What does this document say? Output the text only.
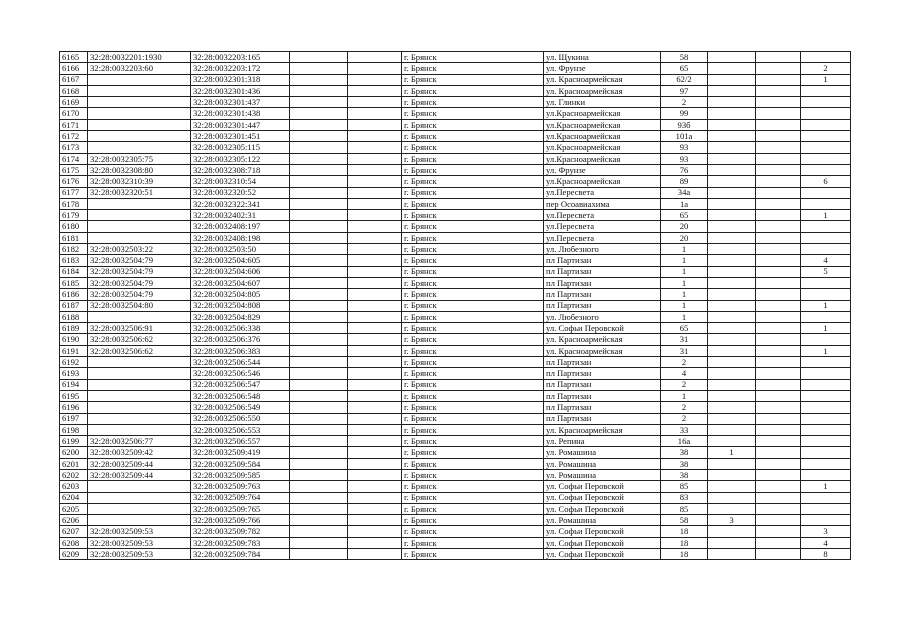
6165	32:28:0032201:1930	32:28:0032203:165			г. Брянск	ул. Щукина	58			
6166	32:28:0032203:60	32:28:0032203:172			г. Брянск	ул. Фрунзе	65			2
6167		32:28:0032301:318			г. Брянск	ул. Красноармейская	62/2			1
6168		32:28:0032301:436			г. Брянск	ул. Красноармейская	97			
6169		32:28:0032301:437			г. Брянск	ул. Глинки	2			
6170		32:28:0032301:438			г. Брянск	ул.Красноармейская	99			
6171		32:28:0032301:447			г. Брянск	ул.Красноармейская	93б			
6172		32:28:0032301:451			г. Брянск	ул.Красноармейская	101а			
6173		32:28:0032305:115			г. Брянск	ул.Красноармейская	93			
6174	32:28:0032305:75	32:28:0032305:122			г. Брянск	ул.Красноармейская	93			
6175	32:28:0032308:80	32:28:0032308:718			г. Брянск	ул. Фрунзе	76			
6176	32:28:0032310:39	32:28:0032310:54			г. Брянск	ул.Красноармейская	89			6
6177	32:28:0032320:51	32:28:0032320:52			г. Брянск	ул.Пересвета	34а			
6178		32:28:0032322:341			г. Брянск	пер Осоавиахима	1а			
6179		32:28:0032402:31			г. Брянск	ул.Пересвета	65			1
6180		32:28:0032408:197			г. Брянск	ул.Пересвета	20			
6181		32:28:0032408:198			г. Брянск	ул.Пересвета	20			
6182	32:28:0032503:22	32:28:0032503:50			г. Брянск	ул. Любезного	1			
6183	32:28:0032504:79	32:28:0032504:605			г. Брянск	пл Партизан	1			4
6184	32:28:0032504:79	32:28:0032504:606			г. Брянск	пл Партизан	1			5
6185	32:28:0032504:79	32:28:0032504:607			г. Брянск	пл Партизан	1			
6186	32:28:0032504:79	32:28:0032504:805			г. Брянск	пл Партизан	1			
6187	32:28:0032504:80	32:28:0032504:808			г. Брянск	пл Партизан	1			1
6188		32:28:0032504:829			г. Брянск	ул. Любезного	1			
6189	32:28:0032506:91	32:28:0032506:338			г. Брянск	ул. Софьи Перовской	65			1
6190	32:28:0032506:62	32:28:0032506:376			г. Брянск	ул. Красноармейская	31			
6191	32:28:0032506:62	32:28:0032506:383			г. Брянск	ул. Красноармейская	31			1
6192		32:28:0032506:544			г. Брянск	пл Партизан	2			
6193		32:28:0032506:546			г. Брянск	пл Партизан	4			
6194		32:28:0032506:547			г. Брянск	пл Партизан	2			
6195		32:28:0032506:548			г. Брянск	пл Партизан	1			
6196		32:28:0032506:549			г. Брянск	пл Партизан	2			
6197		32:28:0032506:550			г. Брянск	пл Партизан	2			
6198		32:28:0032506:553			г. Брянск	ул. Красноармейская	33			
6199	32:28:0032506:77	32:28:0032506:557			г. Брянск	ул. Репина	16а			
6200	32:28:0032509:42	32:28:0032509:419			г. Брянск	ул. Ромашина	38	1		
6201	32:28:0032509:44	32:28:0032509:584			г. Брянск	ул. Ромашина	38			
6202	32:28:0032509:44	32:28:0032509:585			г. Брянск	ул. Ромашина	38			
6203		32:28:0032509:763			г. Брянск	ул. Софьи Перовской	85			1
6204		32:28:0032509:764			г. Брянск	ул. Софьи Перовской	83			
6205		32:28:0032509:765			г. Брянск	ул. Софьи Перовской	85			
6206		32:28:0032509:766			г. Брянск	ул. Ромашина	58	3		
6207	32:28:0032509:53	32:28:0032509:782			г. Брянск	ул. Софьи Перовской	18			3
6208	32:28:0032509:53	32:28:0032509:783			г. Брянск	ул. Софьи Перовской	18			4
6209	32:28:0032509:53	32:28:0032509:784			г. Брянск	ул. Софьи Перовской	18			8
